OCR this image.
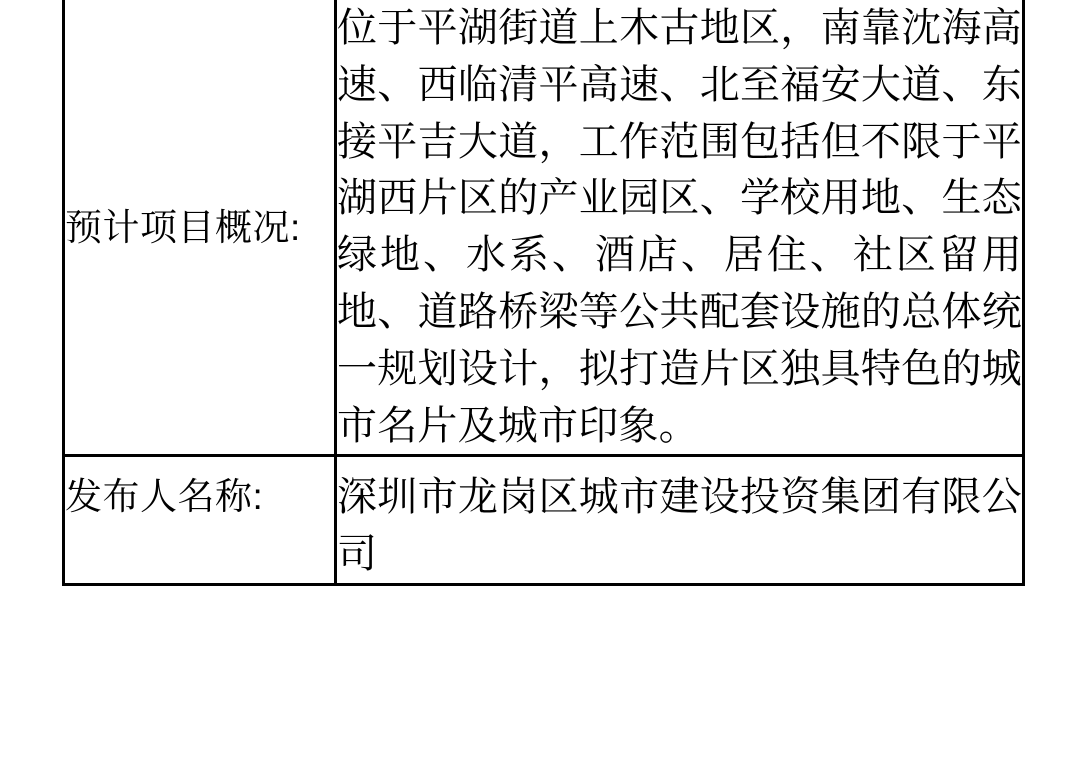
预计项目概况:	位于平湖街道上木古地区，南靠沈海高速、西临清平高速、北至福安大道、东接平吉大道，工作范围包括但不限于平湖西片区的产业园区、学校用地、生态绿地、水系、酒店、居住、社区留用地、道路桥梁等公共配套设施的总体统一规划设计，拟打造片区独具特色的城市名片及城市印象。

发布人名称:	深圳市龙岗区城市建设投资集团有限公司
